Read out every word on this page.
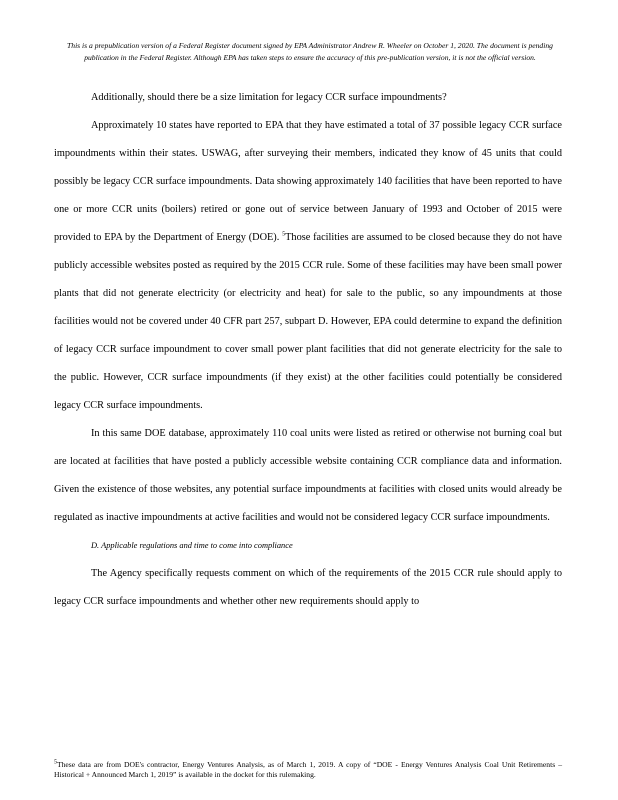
This is a prepublication version of a Federal Register document signed by EPA Administrator Andrew R. Wheeler on October 1, 2020. The document is pending publication in the Federal Register. Although EPA has taken steps to ensure the accuracy of this pre-publication version, it is not the official version.

Additionally, should there be a size limitation for legacy CCR surface impoundments?

Approximately 10 states have reported to EPA that they have estimated a total of 37 possible legacy CCR surface impoundments within their states. USWAG, after surveying their members, indicated they know of 45 units that could possibly be legacy CCR surface impoundments. Data showing approximately 140 facilities that have been reported to have one or more CCR units (boilers) retired or gone out of service between January of 1993 and October of 2015 were provided to EPA by the Department of Energy (DOE). $^5$Those facilities are assumed to be closed because they do not have publicly accessible websites posted as required by the 2015 CCR rule. Some of these facilities may have been small power plants that did not generate electricity (or electricity and heat) for sale to the public, so any impoundments at those facilities would not be covered under 40 CFR part 257, subpart D. However, EPA could determine to expand the definition of legacy CCR surface impoundment to cover small power plant facilities that did not generate electricity for the sale to the public. However, CCR surface impoundments (if they exist) at the other facilities could potentially be considered legacy CCR surface impoundments.

In this same DOE database, approximately 110 coal units were listed as retired or otherwise not burning coal but are located at facilities that have posted a publicly accessible website containing CCR compliance data and information. Given the existence of those websites, any potential surface impoundments at facilities with closed units would already be regulated as inactive impoundments at active facilities and would not be considered legacy CCR surface impoundments.

D. Applicable regulations and time to come into compliance

The Agency specifically requests comment on which of the requirements of the 2015 CCR rule should apply to legacy CCR surface impoundments and whether other new requirements should apply to

$^5$These data are from DOE's contractor, Energy Ventures Analysis, as of March 1, 2019. A copy of “DOE - Energy Ventures Analysis Coal Unit Retirements – Historical + Announced March 1, 2019” is available in the docket for this rulemaking.
